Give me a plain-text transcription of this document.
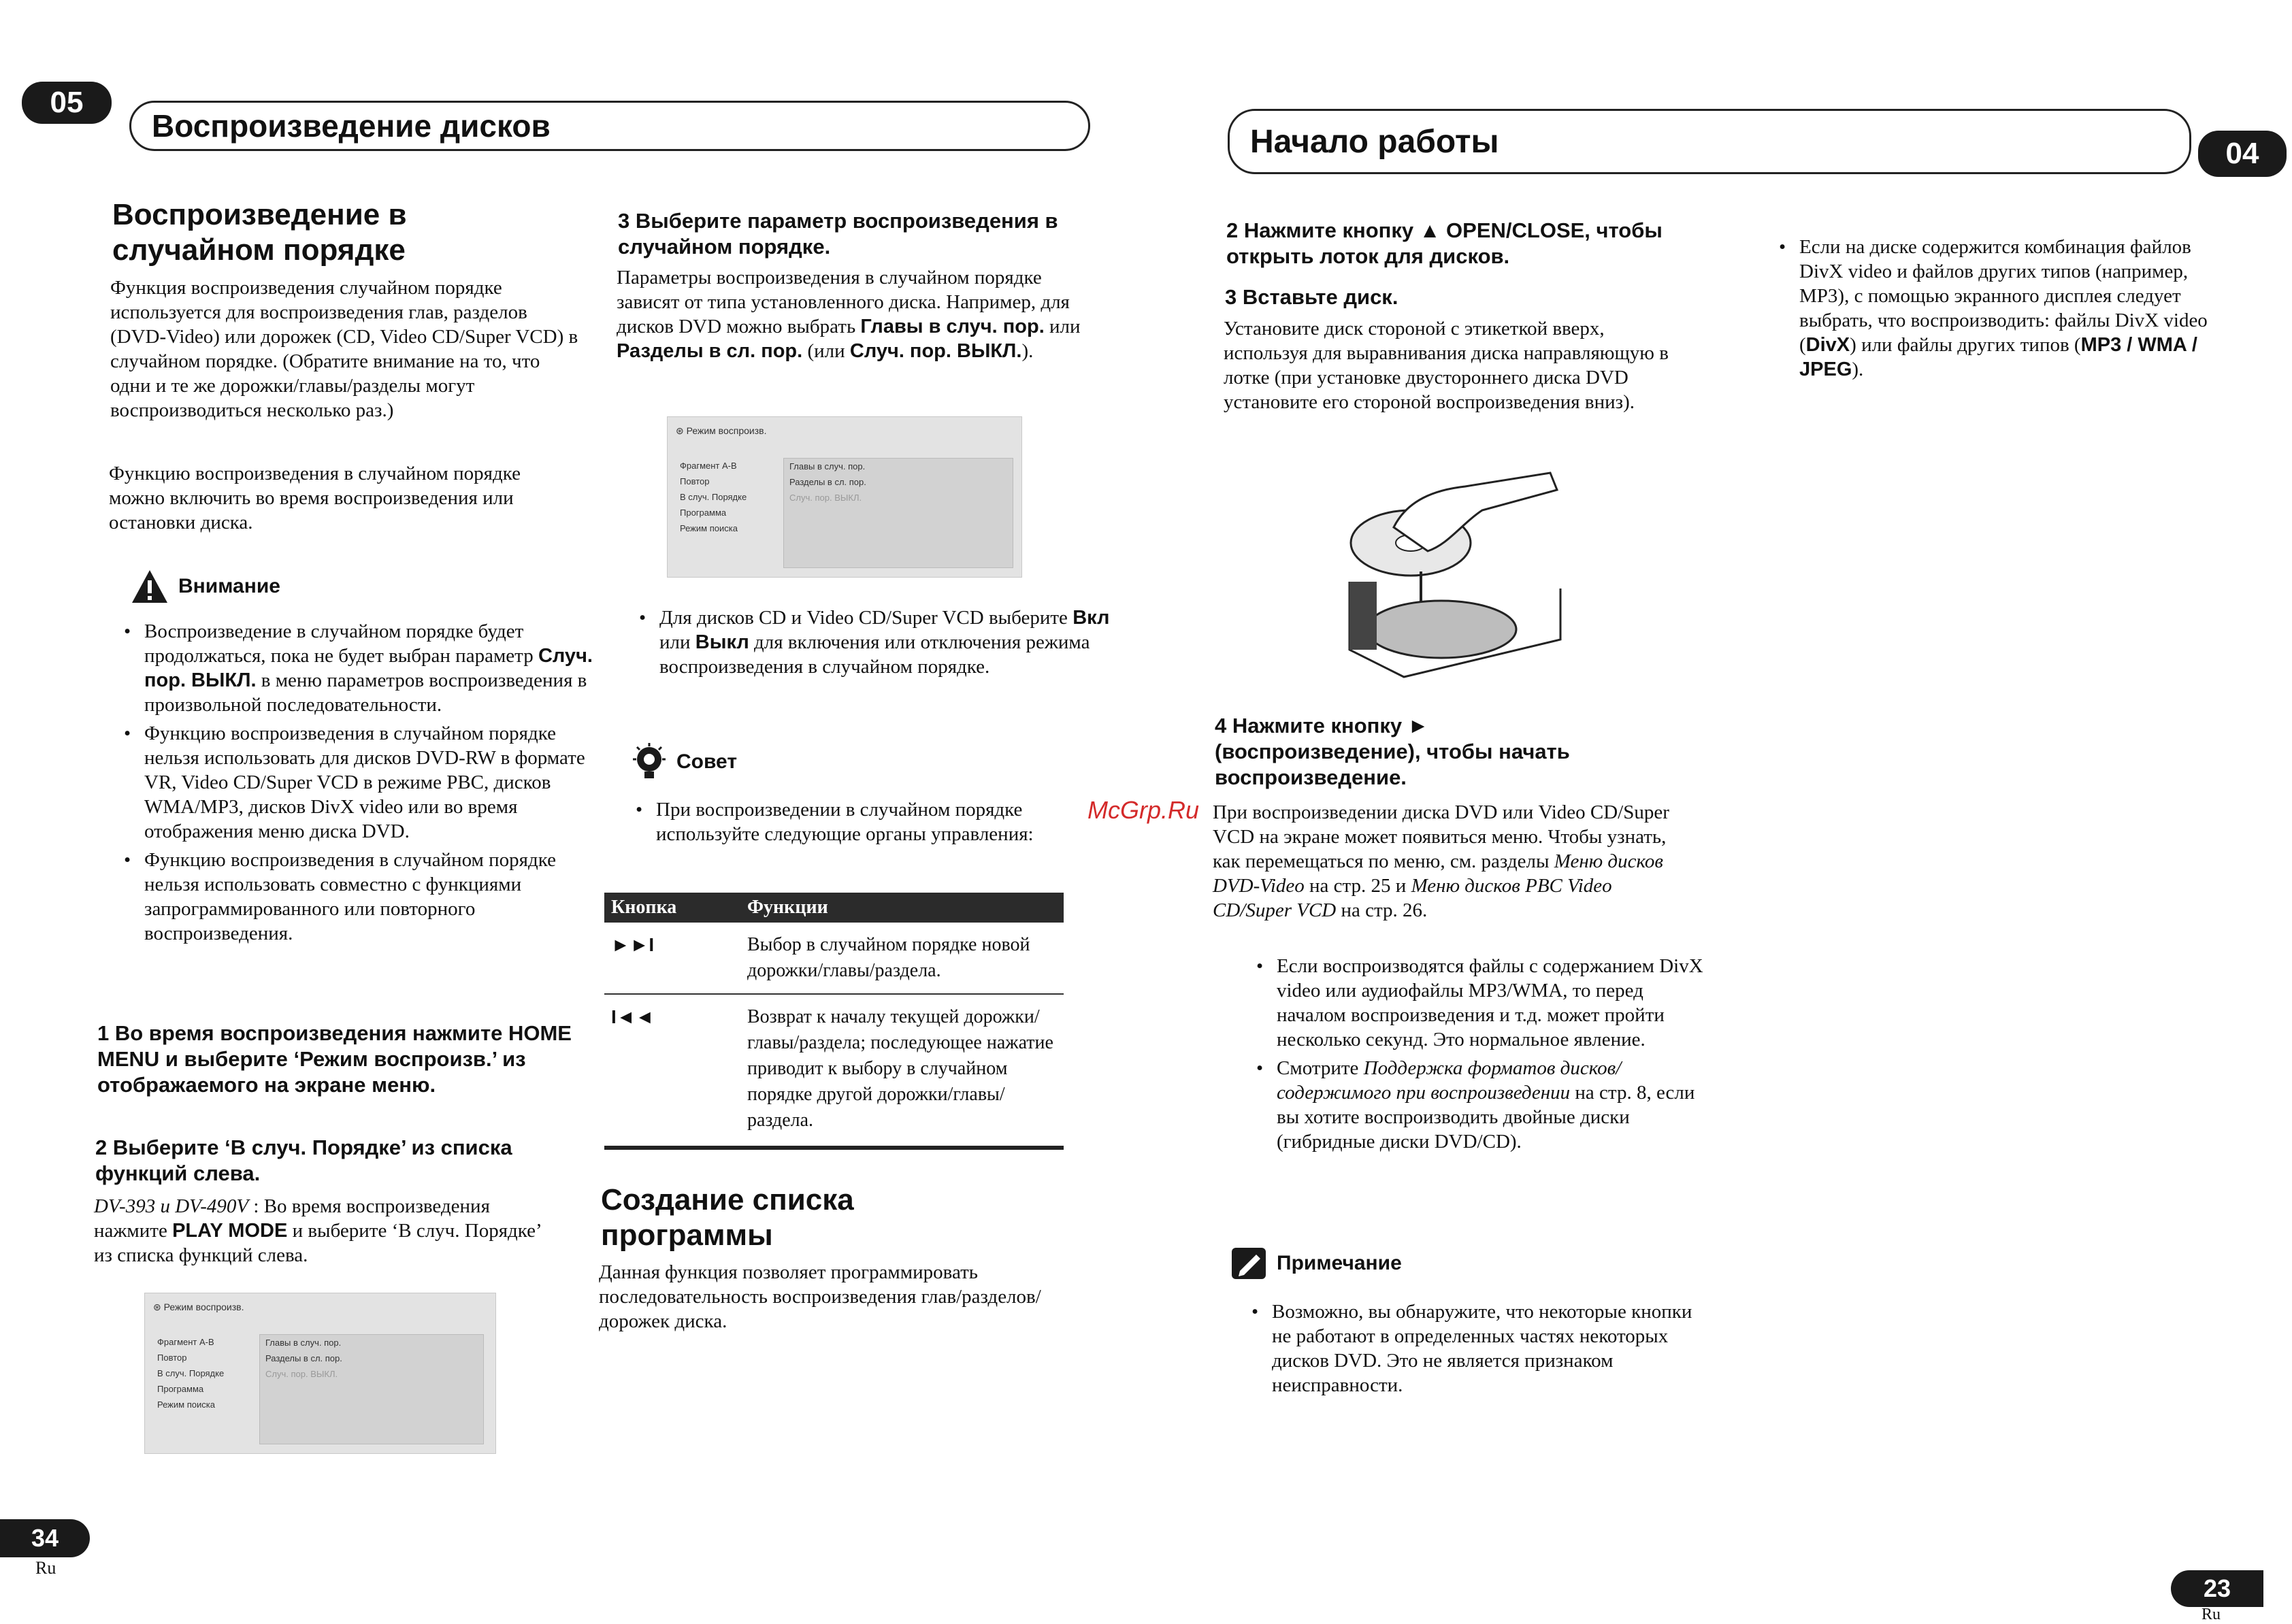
05
Воспроизведение дисков
Воспроизведение в случайном порядке
Функция воспроизведения случайном порядке используется для воспроизведения глав, разделов (DVD-Video) или дорожек (CD, Video CD/Super VCD) в случайном порядке. (Обратите внимание на то, что одни и те же дорожки/главы/разделы могут воспроизводиться несколько раз.)
Функцию воспроизведения в случайном порядке можно включить во время воспроизведения или остановки диска.
Внимание
• Воспроизведение в случайном порядке будет продолжаться, пока не будет выбран параметр Случ. пор. ВЫКЛ. в меню параметров воспроизведения в произвольной последовательности.
• Функцию воспроизведения в случайном порядке нельзя использовать для дисков DVD-RW в формате VR, Video CD/Super VCD в режиме PBC, дисков WMA/MP3, дисков DivX video или во время отображения меню диска DVD.
• Функцию воспроизведения в случайном порядке нельзя использовать совместно с функциями запрограммированного или повторного воспроизведения.
1 Во время воспроизведения нажмите HOME MENU и выберите ‘Режим воспроизв.’ из отображаемого на экране меню.
2 Выберите ‘В случ. Порядке’ из списка функций слева.
DV-393 и DV-490V : Во время воспроизведения нажмите PLAY MODE и выберите ‘В случ. Порядке’ из списка функций слева.
⊛ Режим воспроизв.
Фрагмент A-B
Повтор
В случ. Порядке
Программа
Режим поиска
Главы в случ. пор.
Разделы в сл. пор.
Случ. пор. ВЫКЛ.
3 Выберите параметр воспроизведения в случайном порядке.
Параметры воспроизведения в случайном порядке зависят от типа установленного диска. Например, для дисков DVD можно выбрать Главы в случ. пор. или Разделы в сл. пор. (или Случ. пор. ВЫКЛ.).
⊛ Режим воспроизв.
Фрагмент A-B
Повтор
В случ. Порядке
Программа
Режим поиска
Главы в случ. пор.
Разделы в сл. пор.
Случ. пор. ВЫКЛ.
• Для дисков CD и Video CD/Super VCD выберите Вкл или Выкл для включения или отключения режима воспроизведения в случайном порядке.
Совет
• При воспроизведении в случайном порядке используйте следующие органы управления:
Кнопка	Функции
►►I	Выбор в случайном порядке новой дорожки/главы/раздела.
I◄◄	Возврат к началу текущей дорожки/главы/раздела; последующее нажатие приводит к выбору в случайном порядке другой дорожки/главы/раздела.
Создание списка программы
Данная функция позволяет программировать последовательность воспроизведения глав/разделов/дорожек диска.
34
Ru
Начало работы	04
2 Нажмите кнопку ▲ OPEN/CLOSE, чтобы открыть лоток для дисков.
3 Вставьте диск.
Установите диск стороной с этикеткой вверх, используя для выравнивания диска направляющую в лотке (при установке двустороннего диска DVD установите его стороной воспроизведения вниз).
4 Нажмите кнопку ► (воспроизведение), чтобы начать воспроизведение.
При воспроизведении диска DVD или Video CD/Super VCD на экране может появиться меню. Чтобы узнать, как перемещаться по меню, см. разделы Меню дисков DVD-Video на стр. 25 и Меню дисков PBC Video CD/Super VCD на стр. 26.
• Если воспроизводятся файлы с содержанием DivX video или аудиофайлы MP3/WMA, то перед началом воспроизведения и т.д. может пройти несколько секунд. Это нормальное явление.
• Смотрите Поддержка форматов дисков/содержимого при воспроизведении на стр. 8, если вы хотите воспроизводить двойные диски (гибридные диски DVD/CD).
Примечание
• Возможно, вы обнаружите, что некоторые кнопки не работают в определенных частях некоторых дисков DVD. Это не является признаком неисправности.
• Если на диске содержится комбинация файлов DivX video и файлов других типов (например, MP3), с помощью экранного дисплея следует выбрать, что воспроизводить: файлы DivX video (DivX) или файлы других типов (MP3 / WMA / JPEG).
23
Ru
McGrp.Ru
